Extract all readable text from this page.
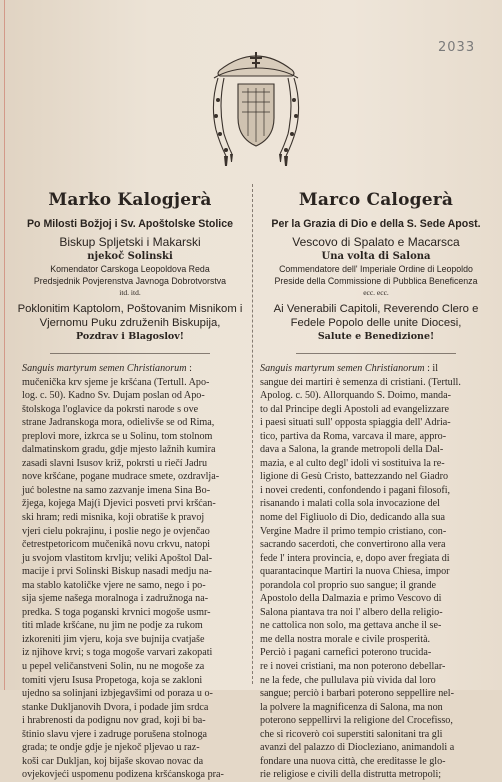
2033
Marko Kalogjerà
Po Milosti Božjoj i Sv. Apoštolske Stolice
Biskup Spljetski i Makarski
njekoč Solinski
Komendator Carskoga Leopoldova Reda
Predsjednik Povjerenstva Javnoga Dobrotvorstva
itd. itd.
Poklonitim Kaptolom, Poštovanim Misnikom i
Vjernomu Puku združenih Biskupija,
Pozdrav i Blagoslov!
Marco Calogerà
Per la Grazia di Dio e della S. Sede Apost.
Vescovo di Spalato e Macarsca
Una volta di Salona
Commendatore dell' Imperiale Ordine di Leopoldo
Preside della Commissione di Pubblica Beneficenza
ecc. ecc.
Ai Venerabili Capitoli, Reverendo Clero e
Fedele Popolo delle unite Diocesi,
Salute e Benedizione!
Sanguis martyrum semen Christianorum :
mučenička krv sjeme je kršćana (Tertull. Apo-
log. c. 50). Kadno Sv. Dujam poslan od Apo-
štolskoga l'oglavice da pokrsti narode s ove
strane Jadranskoga mora, odielivše se od Rima,
preplovi more, izkrca se u Solinu, tom stolnom
dalmatinskom gradu, gdje mjesto lažnih kumira
zasadi slavni Isusov križ, pokrsti u riečí Jadru
nove kršćane, pogane mudrace smete, ozdravlja-
juć bolestne na samo zazvanje imena Sina Bo-
žjega, kojega Maj(i Djevici posveti prvi kršćan-
ski hram; redi misnika, koji obratiše k pravoj
vjeri cielu pokrajinu, i poslie nego je ovjenčao
četrestpetoricom mučenikâ novu crkvu, natopi
ju svojom vlastitom krvlju; veliki Apoštol Dal-
macije i prvi Solinski Biskup nasadi medju na-
ma stablo katoličke vjere ne samo, nego i po-
sija sjeme našega moralnoga i zadružnoga na-
predka. S toga poganski krvnici mogoše usmr-
titi mlade kršćane, nu jim ne podje za rukom
izkoreniti jim vjeru, koja sve bujnija cvatjaše
iz njihove krvi; s toga mogoše varvari zakopati
u pepel veličanstveni Solin, nu ne mogoše za
tomiti vjeru Isusa Propetoga, koja se zakloni
ujedno sa solinjani izbjegavšimi od poraza u o-
stanke Dukljanovih Dvora, i podade jim srdca
i hrabrenosti da podignu nov grad, koji bi ba-
štinio slavu vjere i zadruge porušena stolnoga
grada; te ondje gdje je njekoč pljevao u raz-
koši car Dukljan, koj bijaše skovao novac da
ovjekovjeći uspomenu podizena kršćanskoga pra-
Sanguis martyrum semen Christianorum : il
sangue dei martiri è semenza di cristiani. (Tertull.
Apolog. c. 50). Allorquando S. Doimo, manda-
to dal Principe degli Apostoli ad evangelizzare
i paesi situati sull' opposta spiaggia dell' Adria-
tico, partiva da Roma, varcava il mare, appro-
dava a Salona, la grande metropoli della Dal-
mazia, e al culto degl' idoli vi sostituiva la re-
ligione di Gesù Cristo, battezzando nel Giadro
i novei credenti, confondendo i pagani filosofi,
risanando i malati colla sola invocazione del
nome del Figliuolo di Dio, dedicando alla sua
Vergine Madre il primo tempio cristiano, con-
sacrando sacerdoti, che convertirono alla vera
fede l' intera provincia, e, dopo aver fregiata di
quarantacinque Martiri la nuova Chiesa, impor
porandola col proprio suo sangue; il grande
Apostolo della Dalmazia e primo Vescovo di
Salona piantava tra noi l' albero della religio-
ne cattolica non solo, ma gettava anche il se-
me della nostra morale e civile prosperità.
Perciò i pagani carnefici poterono trucida-
re i novei cristiani, ma non poterono debellar-
ne la fede, che pullulava più vivida dal loro
sangue; perciò i barbari poterono seppellire nel-
la polvere la magnificenza di Salona, ma non
poterono seppellirvi la religione del Crocefisso,
che si ricoverò coi superstiti salonitani tra gli
avanzi del palazzo di Diocleziano, animandoli a
fondare una nuova città, che ereditasse le glo-
rie religiose e civili della distrutta metropoli;
